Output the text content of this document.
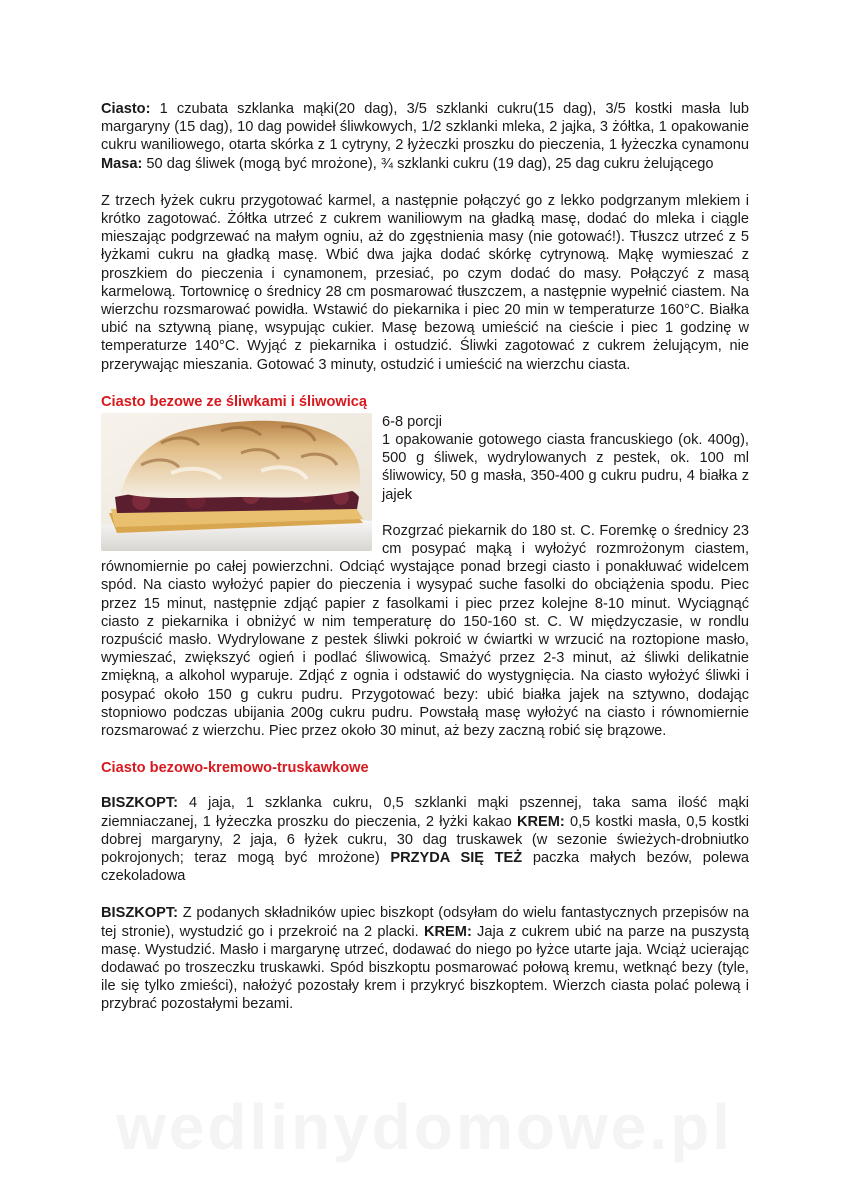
Ciasto: 1 czubata szklanka mąki(20 dag), 3/5 szklanki cukru(15 dag), 3/5 kostki masła lub margaryny (15 dag), 10 dag powideł śliwkowych, 1/2 szklanki mleka, 2 jajka, 3 żółtka, 1 opakowanie cukru waniliowego, otarta skórka z 1 cytryny, 2 łyżeczki proszku do pieczenia, 1 łyżeczka cynamonu Masa: 50 dag śliwek (mogą być mrożone), ¾ szklanki cukru (19 dag), 25 dag cukru żelującego

Z trzech łyżek cukru przygotować karmel, a następnie połączyć go z lekko podgrzanym mlekiem i krótko zagotować. Żółtka utrzeć z cukrem waniliowym na gładką masę, dodać do mleka i ciągle mieszając podgrzewać na małym ogniu, aż do zgęstnienia masy (nie gotować!). Tłuszcz utrzeć z 5 łyżkami cukru na gładką masę. Wbić dwa jajka dodać skórkę cytrynową. Mąkę wymieszać z proszkiem do pieczenia i cynamonem, przesiać, po czym dodać do masy. Połączyć z masą karmelową. Tortownicę o średnicy 28 cm posmarować tłuszczem, a następnie wypełnić ciastem. Na wierzchu rozsmarować powidła. Wstawić do piekarnika i piec 20 min w temperaturze 160°C. Białka ubić na sztywną pianę, wsypując cukier. Masę bezową umieścić na cieście i piec 1 godzinę w temperaturze 140°C. Wyjąć z piekarnika i ostudzić. Śliwki zagotować z cukrem żelującym, nie przerywając mieszania. Gotować 3 minuty, ostudzić i umieścić na wierzchu ciasta.

Ciasto bezowe ze śliwkami i śliwowicą

6-8 porcji
1 opakowanie gotowego ciasta francuskiego (ok. 400g), 500 g śliwek, wydrylowanych z pestek, ok. 100 ml śliwowicy, 50 g masła, 350-400 g cukru pudru, 4 białka z jajek

Rozgrzać piekarnik do 180 st. C. Foremkę o średnicy 23 cm posypać mąką i wyłożyć rozmrożonym ciastem, równomiernie po całej powierzchni. Odciąć wystające ponad brzegi ciasto i ponakłuwać widelcem spód. Na ciasto wyłożyć papier do pieczenia i wysypać suche fasolki do obciążenia spodu. Piec przez 15 minut, następnie zdjąć papier z fasolkami i piec przez kolejne 8-10 minut. Wyciągnąć ciasto z piekarnika i obniżyć w nim temperaturę do 150-160 st. C. W międzyczasie, w rondlu rozpuścić masło. Wydrylowane z pestek śliwki pokroić w ćwiartki w wrzucić na roztopione masło, wymieszać, zwiększyć ogień i podlać śliwowicą. Smażyć przez 2-3 minut, aż śliwki delikatnie zmiękną, a alkohol wyparuje. Zdjąć z ognia i odstawić do wystygnięcia. Na ciasto wyłożyć śliwki i posypać około 150 g cukru pudru. Przygotować bezy: ubić białka jajek na sztywno, dodając stopniowo podczas ubijania 200g cukru pudru. Powstałą masę wyłożyć na ciasto i równomiernie rozsmarować z wierzchu. Piec przez około 30 minut, aż bezy zaczną robić się brązowe.

Ciasto bezowo-kremowo-truskawkowe

BISZKOPT: 4 jaja, 1 szklanka cukru, 0,5 szklanki mąki pszennej, taka sama ilość mąki ziemniaczanej, 1 łyżeczka proszku do pieczenia, 2 łyżki kakao KREM: 0,5 kostki masła, 0,5 kostki dobrej margaryny, 2 jaja, 6 łyżek cukru, 30 dag truskawek (w sezonie świeżych-drobniutko pokrojonych; teraz mogą być mrożone) PRZYDA SIĘ TEŻ paczka małych bezów, polewa czekoladowa

BISZKOPT: Z podanych składników upiec biszkopt (odsyłam do wielu fantastycznych przepisów na tej stronie), wystudzić go i przekroić na 2 placki. KREM: Jaja z cukrem ubić na parze na puszystą masę. Wystudzić. Masło i margarynę utrzeć, dodawać do niego po łyżce utarte jaja. Wciąż ucierając dodawać po troszeczku truskawki. Spód biszkoptu posmarować połową kremu, wetknąć bezy (tyle, ile się tylko zmieści), nałożyć pozostały krem i przykryć biszkoptem. Wierzch ciasta polać polewą i przybrać pozostałymi bezami.

wedlinydomowe.pl
